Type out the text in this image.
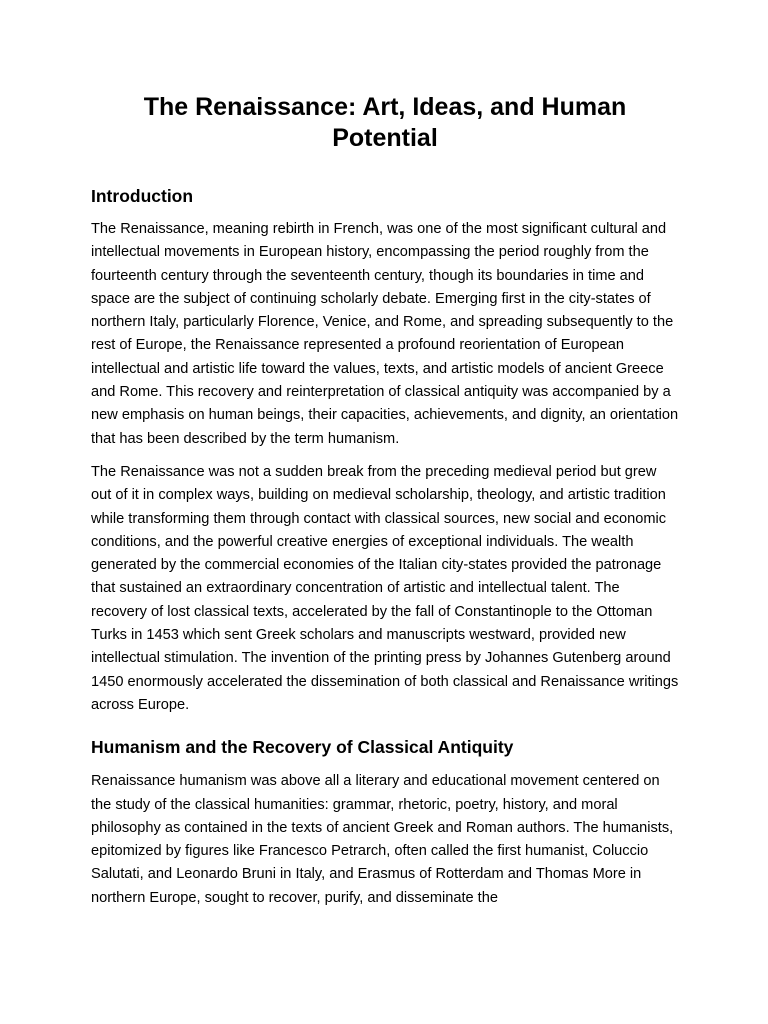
The Renaissance: Art, Ideas, and Human Potential
Introduction

The Renaissance, meaning rebirth in French, was one of the most significant cultural and intellectual movements in European history, encompassing the period roughly from the fourteenth century through the seventeenth century, though its boundaries in time and space are the subject of continuing scholarly debate. Emerging first in the city-states of northern Italy, particularly Florence, Venice, and Rome, and spreading subsequently to the rest of Europe, the Renaissance represented a profound reorientation of European intellectual and artistic life toward the values, texts, and artistic models of ancient Greece and Rome. This recovery and reinterpretation of classical antiquity was accompanied by a new emphasis on human beings, their capacities, achievements, and dignity, an orientation that has been described by the term humanism.

The Renaissance was not a sudden break from the preceding medieval period but grew out of it in complex ways, building on medieval scholarship, theology, and artistic tradition while transforming them through contact with classical sources, new social and economic conditions, and the powerful creative energies of exceptional individuals. The wealth generated by the commercial economies of the Italian city-states provided the patronage that sustained an extraordinary concentration of artistic and intellectual talent. The recovery of lost classical texts, accelerated by the fall of Constantinople to the Ottoman Turks in 1453 which sent Greek scholars and manuscripts westward, provided new intellectual stimulation. The invention of the printing press by Johannes Gutenberg around 1450 enormously accelerated the dissemination of both classical and Renaissance writings across Europe.

Humanism and the Recovery of Classical Antiquity

Renaissance humanism was above all a literary and educational movement centered on the study of the classical humanities: grammar, rhetoric, poetry, history, and moral philosophy as contained in the texts of ancient Greek and Roman authors. The humanists, epitomized by figures like Francesco Petrarch, often called the first humanist, Coluccio Salutati, and Leonardo Bruni in Italy, and Erasmus of Rotterdam and Thomas More in northern Europe, sought to recover, purify, and disseminate the
